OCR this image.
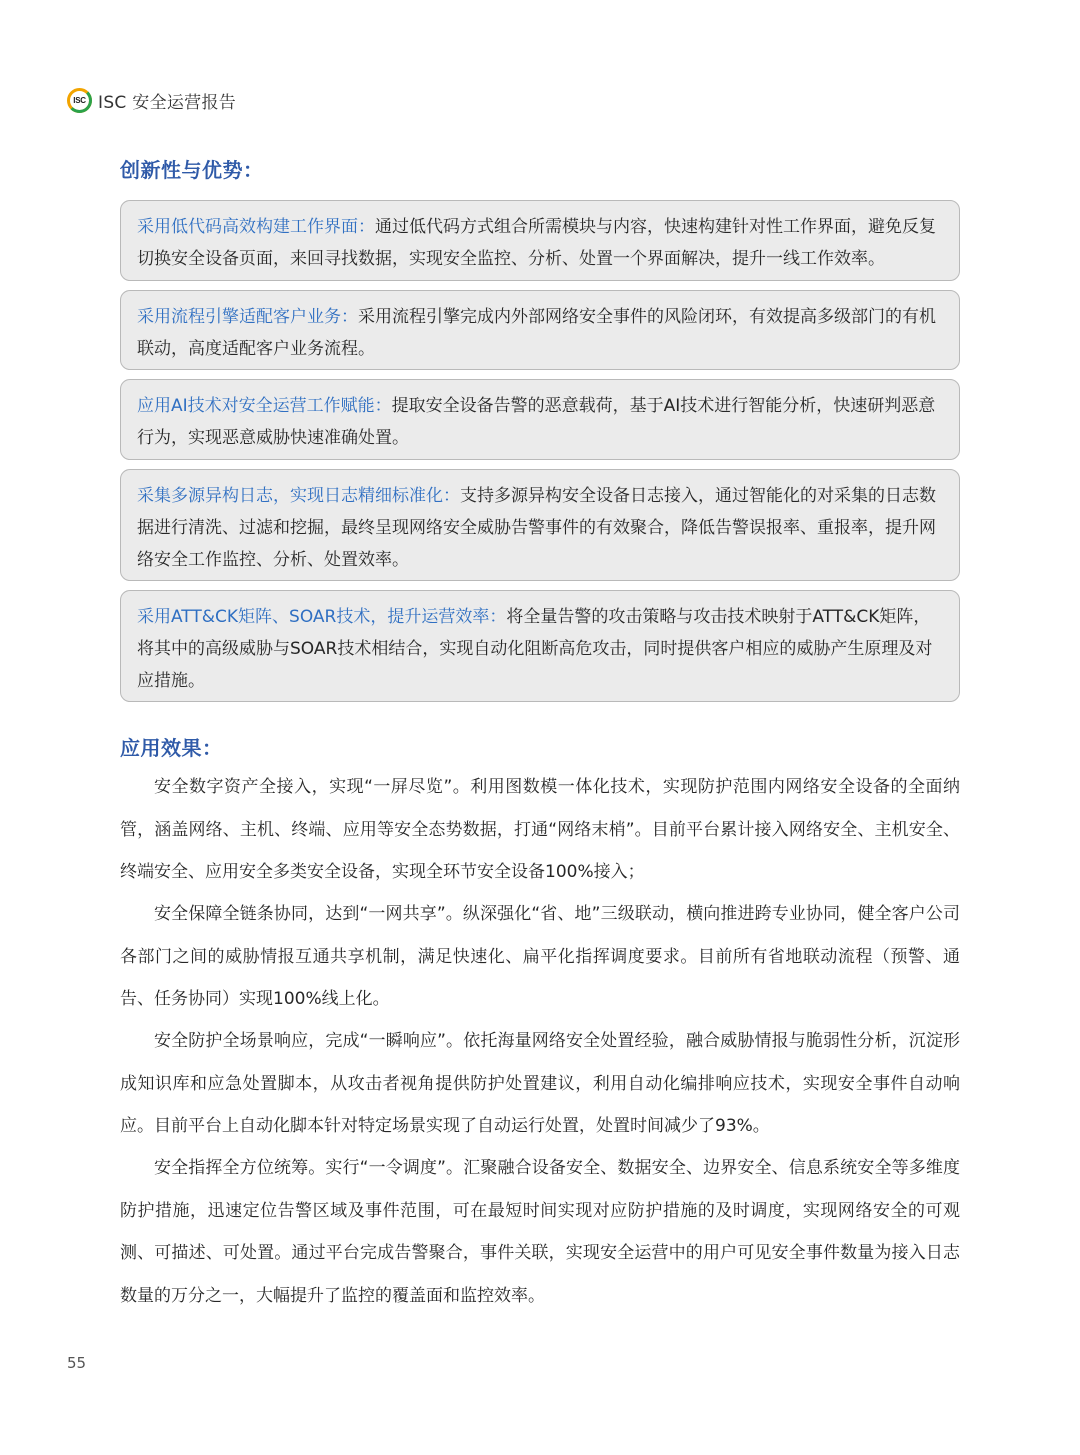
ISC ISC 安全运营报告
创新性与优势：
采用低代码高效构建工作界面：通过低代码方式组合所需模块与内容，快速构建针对性工作界面，避免反复切换安全设备页面，来回寻找数据，实现安全监控、分析、处置一个界面解决，提升一线工作效率。
采用流程引擎适配客户业务：采用流程引擎完成内外部网络安全事件的风险闭环，有效提高多级部门的有机联动，高度适配客户业务流程。
应用AI技术对安全运营工作赋能：提取安全设备告警的恶意载荷，基于AI技术进行智能分析，快速研判恶意行为，实现恶意威胁快速准确处置。
采集多源异构日志，实现日志精细标准化：支持多源异构安全设备日志接入，通过智能化的对采集的日志数据进行清洗、过滤和挖掘，最终呈现网络安全威胁告警事件的有效聚合，降低告警误报率、重报率，提升网络安全工作监控、分析、处置效率。
采用ATT&CK矩阵、SOAR技术，提升运营效率：将全量告警的攻击策略与攻击技术映射于ATT&CK矩阵，将其中的高级威胁与SOAR技术相结合，实现自动化阻断高危攻击，同时提供客户相应的威胁产生原理及对应措施。
应用效果：
安全数字资产全接入，实现“一屏尽览”。利用图数模一体化技术，实现防护范围内网络安全设备的全面纳管，涵盖网络、主机、终端、应用等安全态势数据，打通“网络末梢”。目前平台累计接入网络安全、主机安全、终端安全、应用安全多类安全设备，实现全环节安全设备100%接入；
安全保障全链条协同，达到“一网共享”。纵深强化“省、地”三级联动，横向推进跨专业协同，健全客户公司各部门之间的威胁情报互通共享机制，满足快速化、扁平化指挥调度要求。目前所有省地联动流程（预警、通告、任务协同）实现100%线上化。
安全防护全场景响应，完成“一瞬响应”。依托海量网络安全处置经验，融合威胁情报与脆弱性分析，沉淀形成知识库和应急处置脚本，从攻击者视角提供防护处置建议，利用自动化编排响应技术，实现安全事件自动响应。目前平台上自动化脚本针对特定场景实现了自动运行处置，处置时间减少了93%。
安全指挥全方位统筹。实行“一令调度”。汇聚融合设备安全、数据安全、边界安全、信息系统安全等多维度防护措施，迅速定位告警区域及事件范围，可在最短时间实现对应防护措施的及时调度，实现网络安全的可观测、可描述、可处置。通过平台完成告警聚合，事件关联，实现安全运营中的用户可见安全事件数量为接入日志数量的万分之一，大幅提升了监控的覆盖面和监控效率。
55
